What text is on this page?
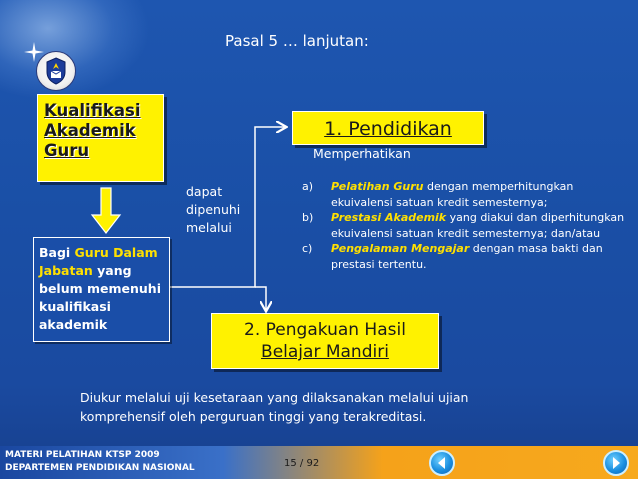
Pasal 5 … lanjutan:
Kualifikasi
Akademik
Guru
1. Pendidikan
Memperhatikan
dapat
dipenuhi
melalui
Bagi Guru Dalam
Jabatan yang
belum memenuhi
kualifikasi
akademik
a) Pelatihan Guru dengan memperhitungkan ekuivalensi satuan kredit semesternya;
b) Prestasi Akademik yang diakui dan diperhitungkan ekuivalensi satuan kredit semesternya; dan/atau
c) Pengalaman Mengajar dengan masa bakti dan prestasi tertentu.
2. Pengakuan Hasil
Belajar Mandiri
Diukur melalui uji kesetaraan yang dilaksanakan melalui ujian
komprehensif oleh perguruan tinggi yang terakreditasi.
MATERI PELATIHAN KTSP 2009
DEPARTEMEN PENDIDIKAN NASIONAL	15 / 92
